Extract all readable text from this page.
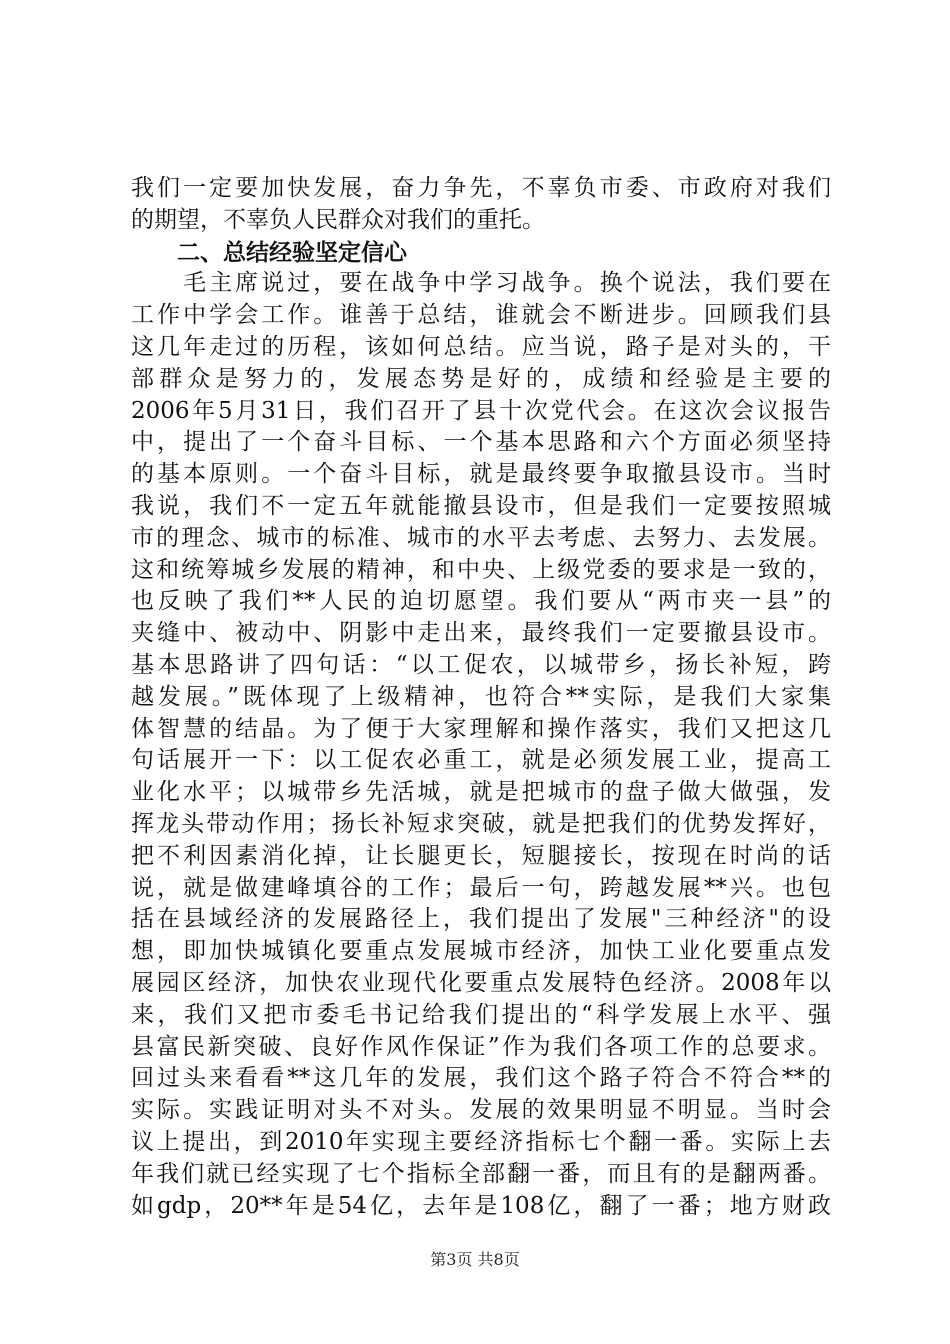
我们一定要加快发展，奋力争先，不辜负市委、市政府对我们
的期望，不辜负人民群众对我们的重托。
二、总结经验坚定信心
　　毛主席说过，要在战争中学习战争。换个说法，我们要在
工作中学会工作。谁善于总结，谁就会不断进步。回顾我们县
这几年走过的历程，该如何总结。应当说，路子是对头的，干
部群众是努力的，发展态势是好的，成绩和经验是主要的
2006年5月31日，我们召开了县十次党代会。在这次会议报告
中，提出了一个奋斗目标、一个基本思路和六个方面必须坚持
的基本原则。一个奋斗目标，就是最终要争取撤县设市。当时
我说，我们不一定五年就能撤县设市，但是我们一定要按照城
市的理念、城市的标准、城市的水平去考虑、去努力、去发展。
这和统筹城乡发展的精神，和中央、上级党委的要求是一致的，
也反映了我们**人民的迫切愿望。我们要从“两市夹一县”的
夹缝中、被动中、阴影中走出来，最终我们一定要撤县设市。
基本思路讲了四句话：“以工促农，以城带乡，扬长补短，跨
越发展。”既体现了上级精神，也符合**实际，是我们大家集
体智慧的结晶。为了便于大家理解和操作落实，我们又把这几
句话展开一下：以工促农必重工，就是必须发展工业，提高工
业化水平；以城带乡先活城，就是把城市的盘子做大做强，发
挥龙头带动作用；扬长补短求突破，就是把我们的优势发挥好，
把不利因素消化掉，让长腿更长，短腿接长，按现在时尚的话
说，就是做建峰填谷的工作；最后一句，跨越发展**兴。也包
括在县域经济的发展路径上，我们提出了发展"三种经济"的设
想，即加快城镇化要重点发展城市经济，加快工业化要重点发
展园区经济，加快农业现代化要重点发展特色经济。2008年以
来，我们又把市委毛书记给我们提出的“科学发展上水平、强
县富民新突破、良好作风作保证”作为我们各项工作的总要求。
回过头来看看**这几年的发展，我们这个路子符合不符合**的
实际。实践证明对头不对头。发展的效果明显不明显。当时会
议上提出，到2010年实现主要经济指标七个翻一番。实际上去
年我们就已经实现了七个指标全部翻一番，而且有的是翻两番。
如gdp，20**年是54亿，去年是108亿，翻了一番；地方财政
第3页 共8页
